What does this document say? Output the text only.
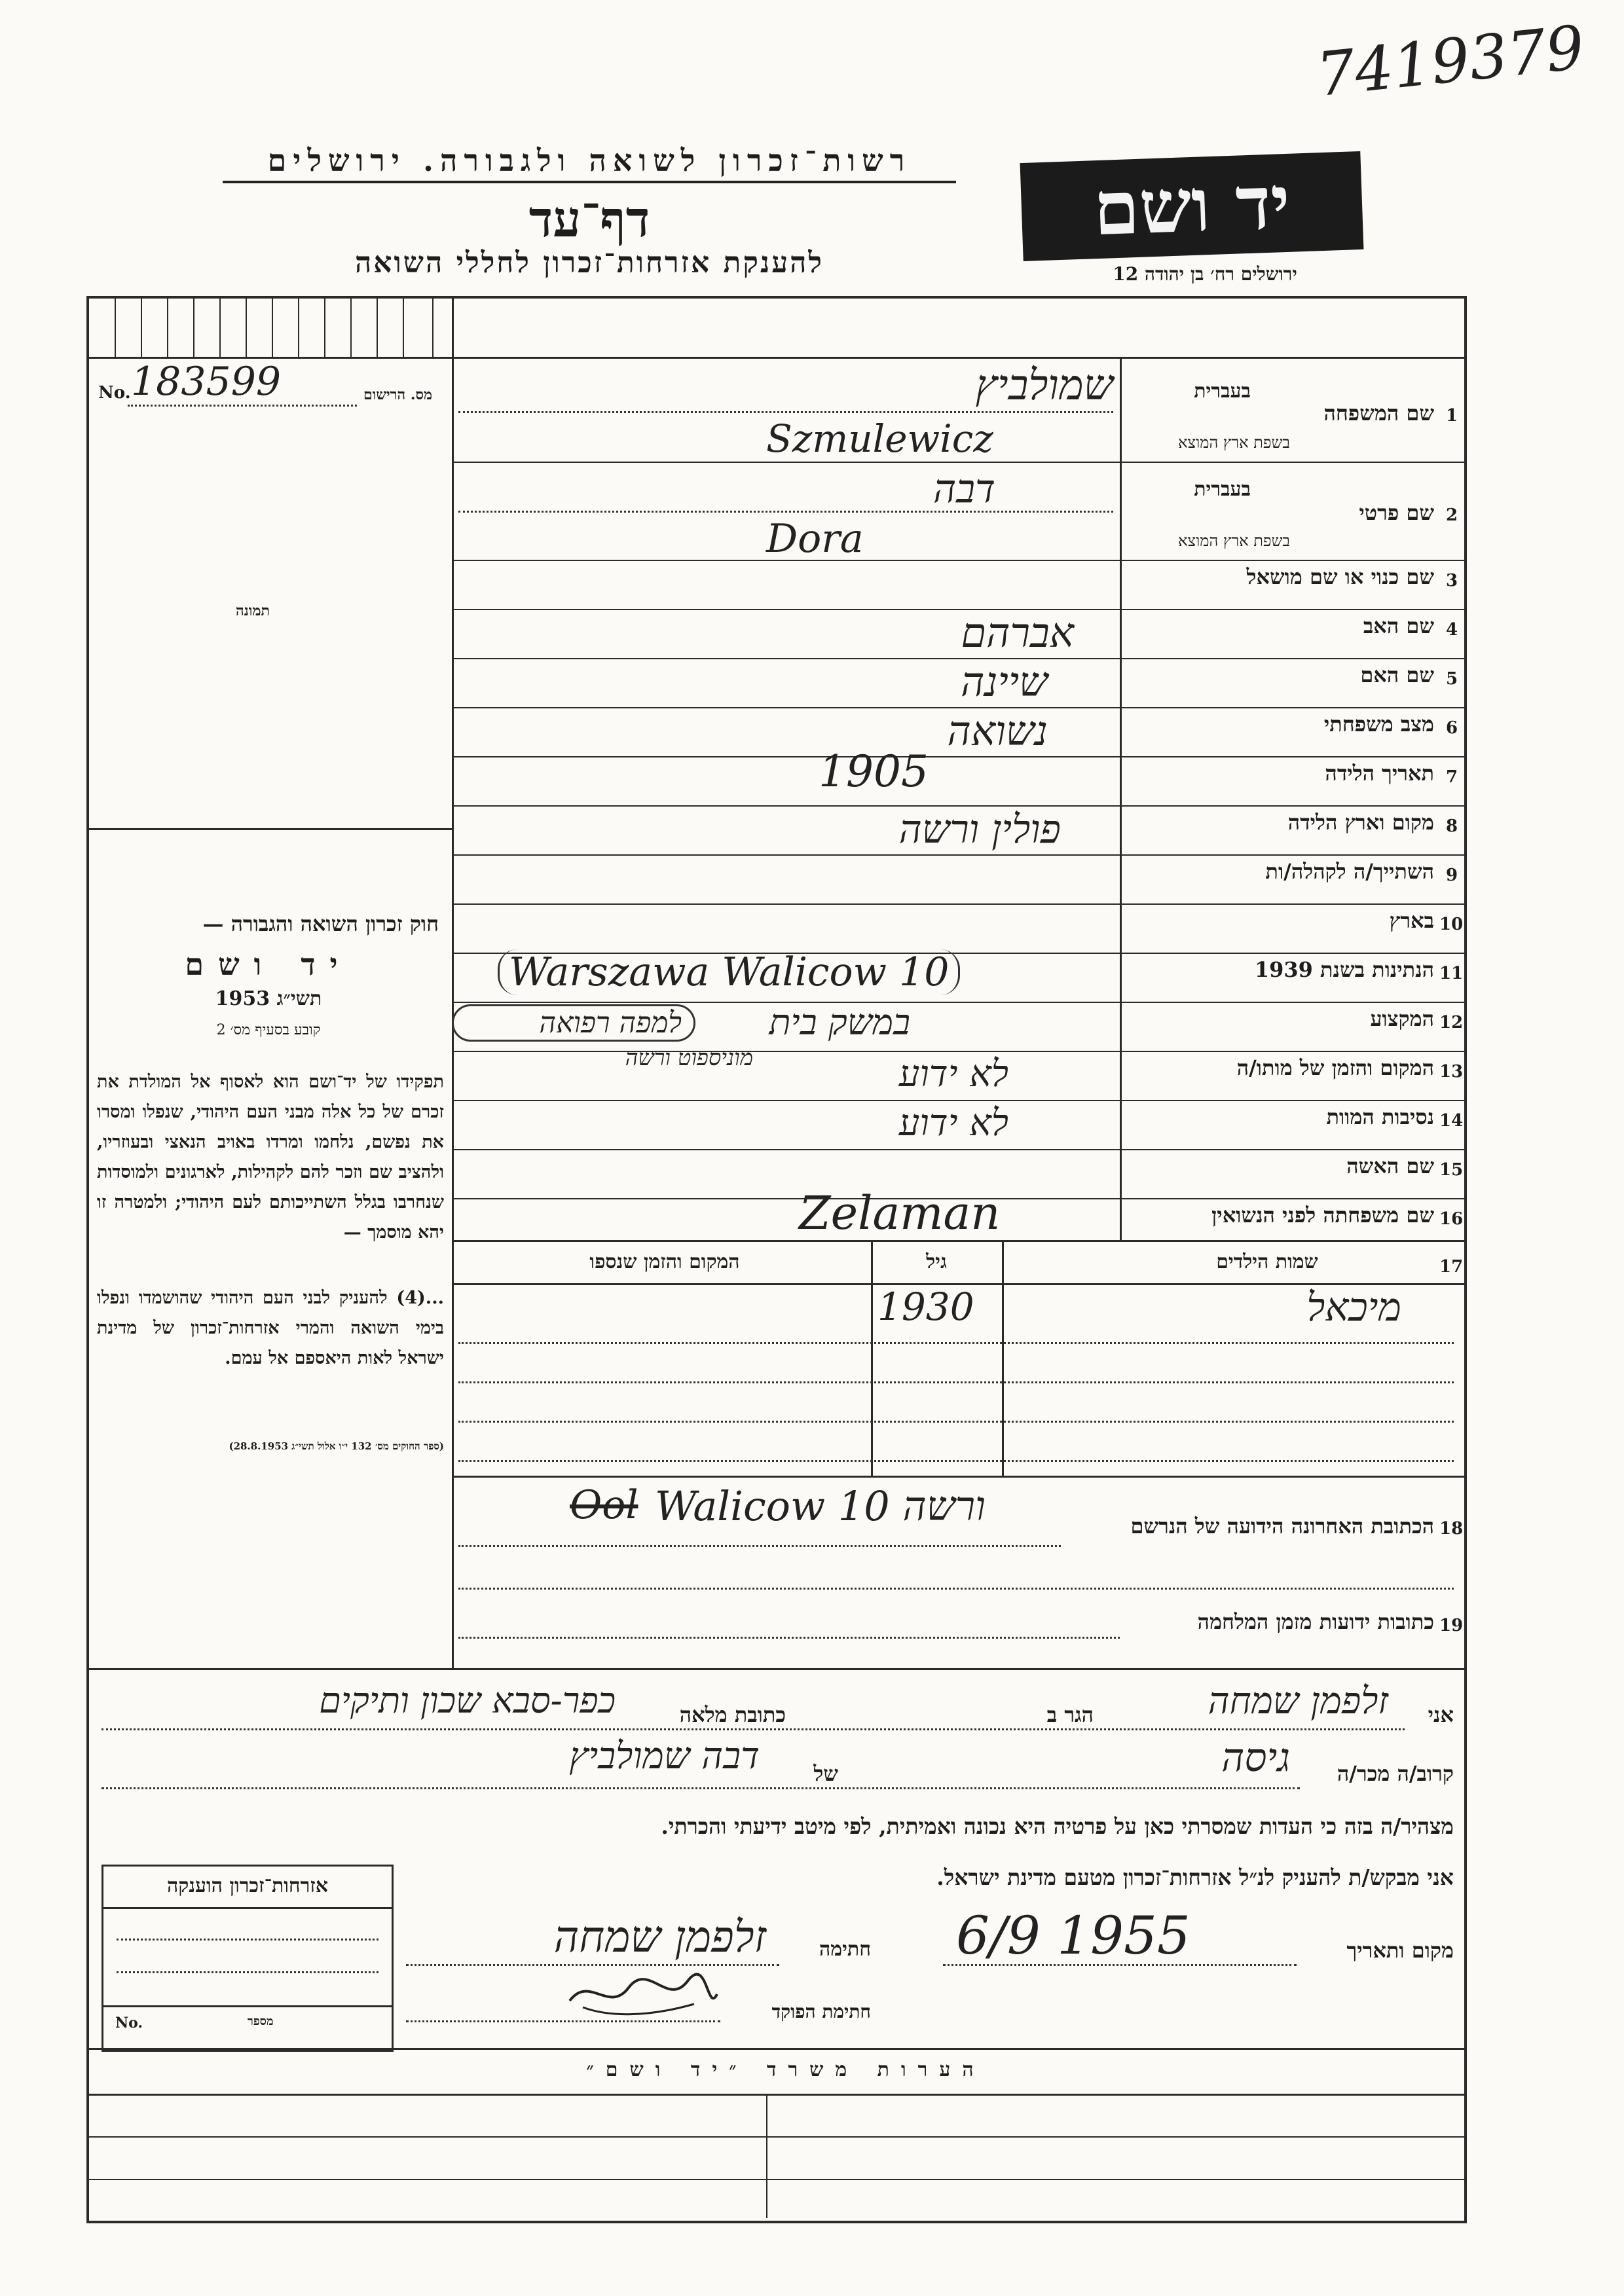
7419379
רשות־זכרון לשואה ולגבורה. ירושלים
דף־עד
להענקת אזרחות־זכרון לחללי השואה
יד ושם
ירושלים רח׳ בן יהודה 12
No. 183599	מס. הרישום
תמונה
חוק זכרון השואה והגבורה —
יד ושם
תשי״ג 1953
קובע בסעיף מס׳ 2
תפקידו של יד־ושם הוא לאסוף אל המולדת את זכרם של כל אלה מבני העם היהודי, שנפלו ומסרו את נפשם, נלחמו ומרדו באויב הנאצי ובעוזריו, ולהציב שם וזכר להם לקהילות, לארגונים ולמוסדות שנחרבו בגלל השתייכותם לעם היהודי; ולמטרה זו יהא מוסמך —
...(4) להעניק לבני העם היהודי שהושמדו ונפלו בימי השואה והמרי אזרחות־זכרון של מדינת ישראל לאות היאספם אל עמם.
(ספר החוקים מס׳ 132 י״ו אלול תשי״ג 28.8.1953)
1
שם המשפחה
בעברית
בשפת ארץ המוצא
שמולביץ
Szmulewicz
2
שם פרטי
בעברית
בשפת ארץ המוצא
דבה
Dora
3
שם כנוי או שם מושאל
4
שם האב
אברהם
5
שם האם
שיינה
6
מצב משפחתי
נשואה
7
תאריך הלידה
1905
8
מקום וארץ הלידה
פולין ורשה
9
השתייך/ה לקהלה/ות
10
בארץ
11
הנתינות בשנת 1939
Warszawa Walicow 10
12
המקצוע
במשק בית
למפה רפואה
13
המקום והזמן של מותו/ה
לא ידוע
מוניספוט ורשה
14
נסיבות המוות
לא ידוע
15
שם האשה
16
שם משפחתה לפני הנשואין
Zelaman
17
שמות הילדים
גיל
המקום והזמן שנספו
מיכאל
1930
18
הכתובת האחרונה הידועה של הנרשם
Ool ורשה Walicow 10
19
כתובות ידועות מזמן המלחמה
אני
זלפמן שמחה
הגר ב
כתובת מלאה
כפר-סבא שכון ותיקים
קרוב/ה מכר/ה
גיסה
של
דבה שמולביץ
מצהיר/ה בזה כי העדות שמסרתי כאן על פרטיה היא נכונה ואמיתית, לפי מיטב ידיעתי והכרתי.
אני מבקש/ת להעניק לנ״ל אזרחות־זכרון מטעם מדינת ישראל.
אזרחות־זכרון הוענקה
No.	מספר
מקום ותאריך
6/9 1955
חתימה
זלפמן שמחה
חתימת הפוקד
הערות משרד ״יד ושם״
